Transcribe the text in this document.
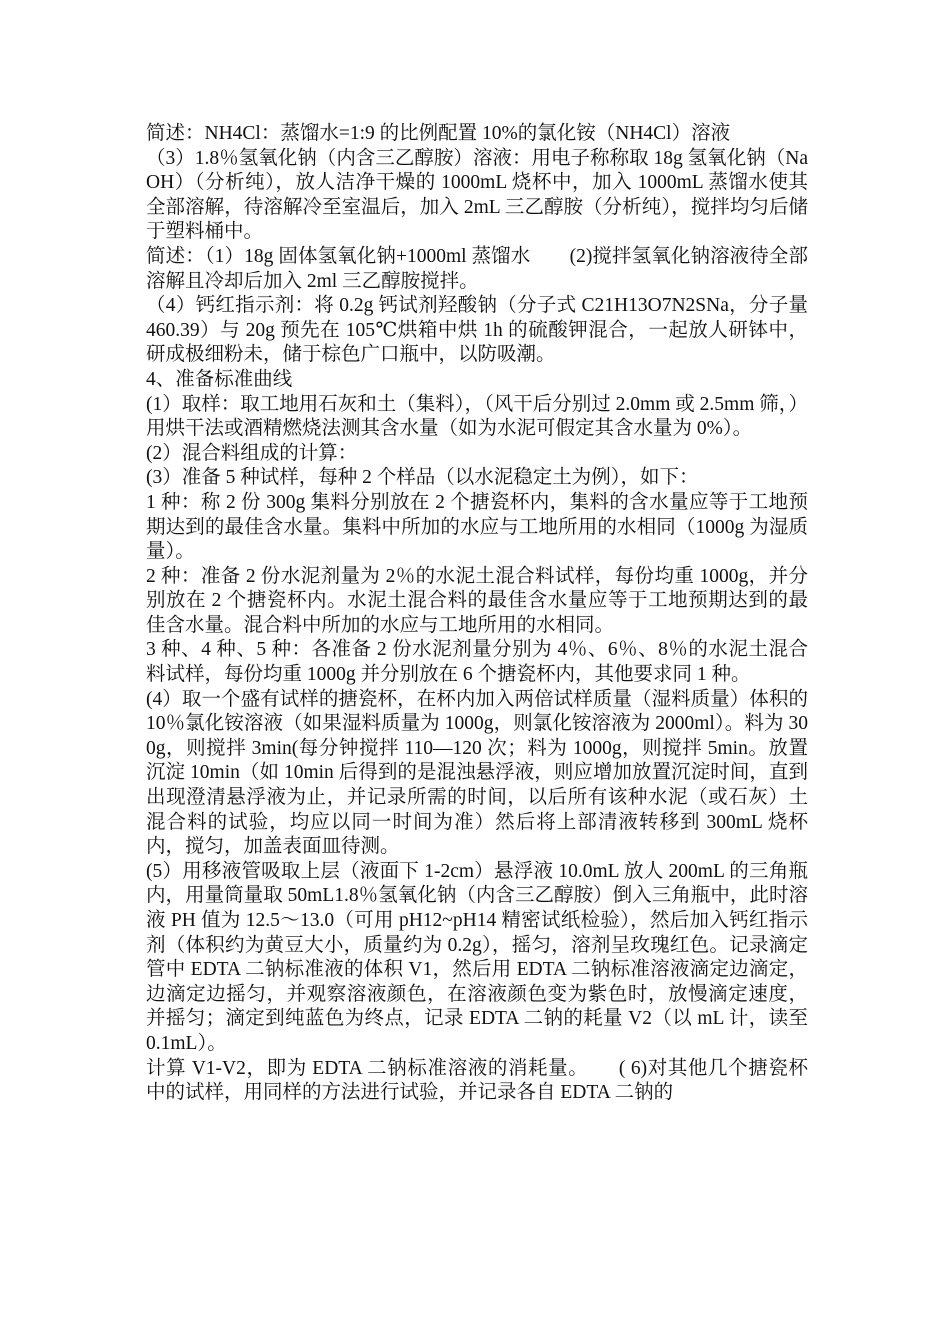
简述：NH4Cl：蒸馏水=1:9 的比例配置 10%的氯化铵（NH4Cl）溶液

（3）1.8％氢氧化钠（内含三乙醇胺）溶液：用电子称称取 18g 氢氧化钠（NaOH）（分析纯），放人洁净干燥的 1000mL 烧杯中，加入 1000mL 蒸馏水使其全部溶解，待溶解冷至室温后，加入 2mL 三乙醇胺（分析纯），搅拌均匀后储于塑料桶中。

简述：（1）18g 固体氢氧化钠+1000ml 蒸馏水　　(2)搅拌氢氧化钠溶液待全部溶解且冷却后加入 2ml 三乙醇胺搅拌。

（4）钙红指示剂：将 0.2g 钙试剂羟酸钠（分子式 C21H13O7N2SNa，分子量 460.39）与 20g 预先在 105℃烘箱中烘 1h 的硫酸钾混合，一起放人研钵中，研成极细粉未，储于棕色广口瓶中，以防吸潮。

4、准备标准曲线

(1）取样：取工地用石灰和土（集料），（风干后分别过 2.0mm 或 2.5mm 筛，）用烘干法或酒精燃烧法测其含水量（如为水泥可假定其含水量为 0%）。

(2）混合料组成的计算：

(3）准备 5 种试样，每种 2 个样品（以水泥稳定土为例），如下：

1 种：称 2 份 300g 集料分别放在 2 个搪瓷杯内，集料的含水量应等于工地预期达到的最佳含水量。集料中所加的水应与工地所用的水相同（1000g 为湿质量）。

2 种：准备 2 份水泥剂量为 2％的水泥土混合料试样，每份均重 1000g，并分别放在 2 个搪瓷杯内。水泥土混合料的最佳含水量应等于工地预期达到的最佳含水量。混合料中所加的水应与工地所用的水相同。

3 种、4 种、5 种：各准备 2 份水泥剂量分别为 4％、6％、8％的水泥土混合料试样，每份均重 1000g 并分别放在 6 个搪瓷杯内，其他要求同 1 种。

(4）取一个盛有试样的搪瓷杯，在杯内加入两倍试样质量（湿料质量）体积的 10％氯化铵溶液（如果湿料质量为 1000g，则氯化铵溶液为 2000ml）。料为 300g，则搅拌 3min(每分钟搅拌 110—120 次；料为 1000g，则搅拌 5min。放置沉淀 10min（如 10min 后得到的是混浊悬浮液，则应增加放置沉淀时间，直到出现澄清悬浮液为止，并记录所需的时间，以后所有该种水泥（或石灰）土混合料的试验，均应以同一时间为准）然后将上部清液转移到 300mL 烧杯内，搅匀，加盖表面皿待测。

(5）用移液管吸取上层（液面下 1-2cm）悬浮液 10.0mL 放人 200mL 的三角瓶内，用量筒量取 50mL1.8％氢氧化钠（内含三乙醇胺）倒入三角瓶中，此时溶液 PH 值为 12.5～13.0（可用 pH12~pH14 精密试纸检验），然后加入钙红指示剂（体积约为黄豆大小，质量约为 0.2g），摇匀，溶剂呈玫瑰红色。记录滴定管中 EDTA 二钠标准液的体积 V1，然后用 EDTA 二钠标准溶液滴定边滴定，边滴定边摇匀，并观察溶液颜色，在溶液颜色变为紫色时，放慢滴定速度，并摇匀；滴定到纯蓝色为终点，记录 EDTA 二钠的耗量 V2（以 mL 计，读至 0.1mL）。

计算 V1-V2，即为 EDTA 二钠标准溶液的消耗量。　　( 6)对其他几个搪瓷杯中的试样，用同样的方法进行试验，并记录各自 EDTA 二钠的
